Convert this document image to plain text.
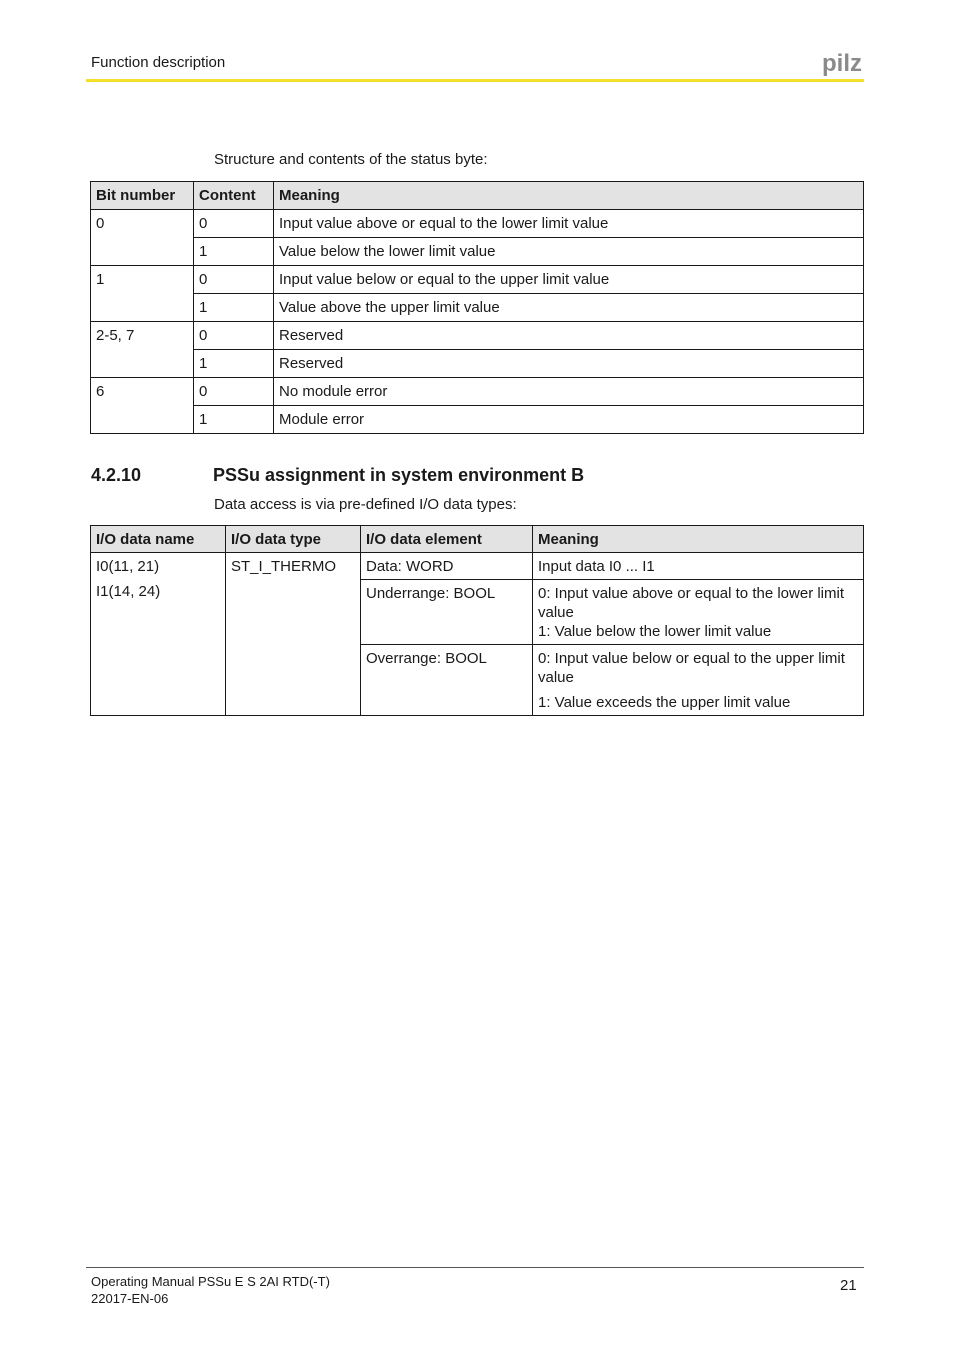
Function description	pilz
Structure and contents of the status byte:
Bit number	Content	Meaning
0	0	Input value above or equal to the lower limit value
	1	Value below the lower limit value
1	0	Input value below or equal to the upper limit value
	1	Value above the upper limit value
2-5, 7	0	Reserved
	1	Reserved
6	0	No module error
	1	Module error
4.2.10	PSSu assignment in system environment B
Data access is via pre-defined I/O data types:
I/O data name	I/O data type	I/O data element	Meaning

I0(11, 21)
I1(14, 24)	ST_I_THERMO	Data: WORD	Input data I0 ... I1

		Underrange: BOOL	0: Input value above or equal to the lower limit value
1: Value below the lower limit value

		Overrange: BOOL	0: Input value below or equal to the upper limit value
1: Value exceeds the upper limit value
Operating Manual PSSu E S 2AI RTD(-T)
22017-EN-06
21
